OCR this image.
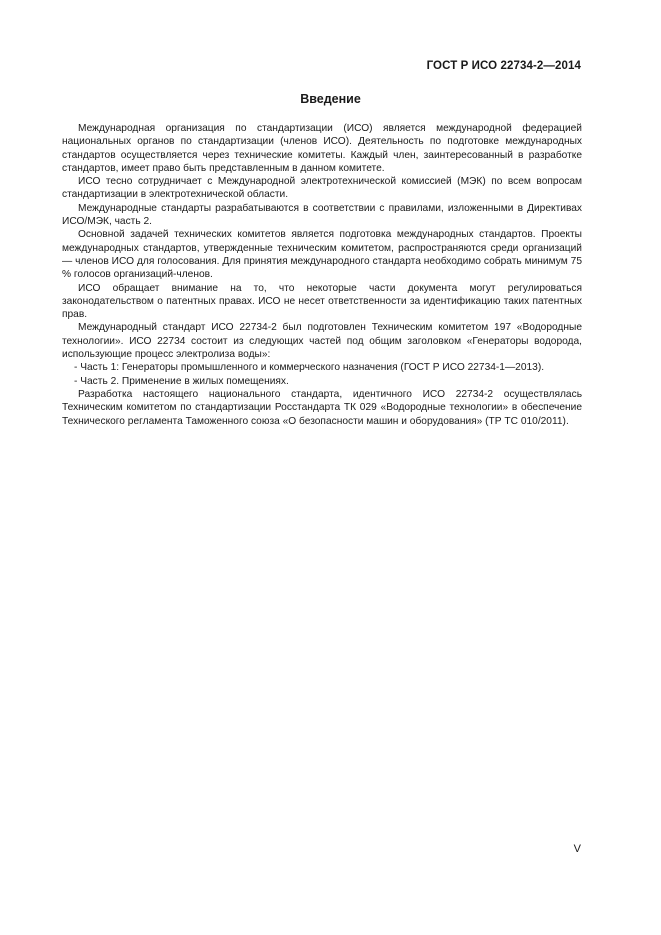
ГОСТ Р ИСО 22734-2—2014
Введение

Международная организация по стандартизации (ИСО) является международной федерацией национальных органов по стандартизации (членов ИСО). Деятельность по подготовке международных стандартов осуществляется через технические комитеты. Каждый член, заинтересованный в разработке стандартов, имеет право быть представленным в данном комитете.

ИСО тесно сотрудничает с Международной электротехнической комиссией (МЭК) по всем вопросам стандартизации в электротехнической области.

Международные стандарты разрабатываются в соответствии с правилами, изложенными в Директивах ИСО/МЭК, часть 2.

Основной задачей технических комитетов является подготовка международных стандартов. Проекты международных стандартов, утвержденные техническим комитетом, распространяются среди организаций — членов ИСО для голосования. Для принятия международного стандарта необходимо собрать минимум 75 % голосов организаций-членов.

ИСО обращает внимание на то, что некоторые части документа могут регулироваться законодательством о патентных правах. ИСО не несет ответственности за идентификацию таких патентных прав.

Международный стандарт ИСО 22734-2 был подготовлен Техническим комитетом 197 «Водородные технологии». ИСО 22734 состоит из следующих частей под общим заголовком «Генераторы водорода, использующие процесс электролиза воды»:

- Часть 1: Генераторы промышленного и коммерческого назначения (ГОСТ Р ИСО 22734-1—2013).

- Часть 2. Применение в жилых помещениях.

Разработка настоящего национального стандарта, идентичного ИСО 22734-2 осуществлялась Техническим комитетом по стандартизации Росстандарта ТК 029 «Водородные технологии» в обеспечение Технического регламента Таможенного союза «О безопасности машин и оборудования» (ТР ТС 010/2011).

V
